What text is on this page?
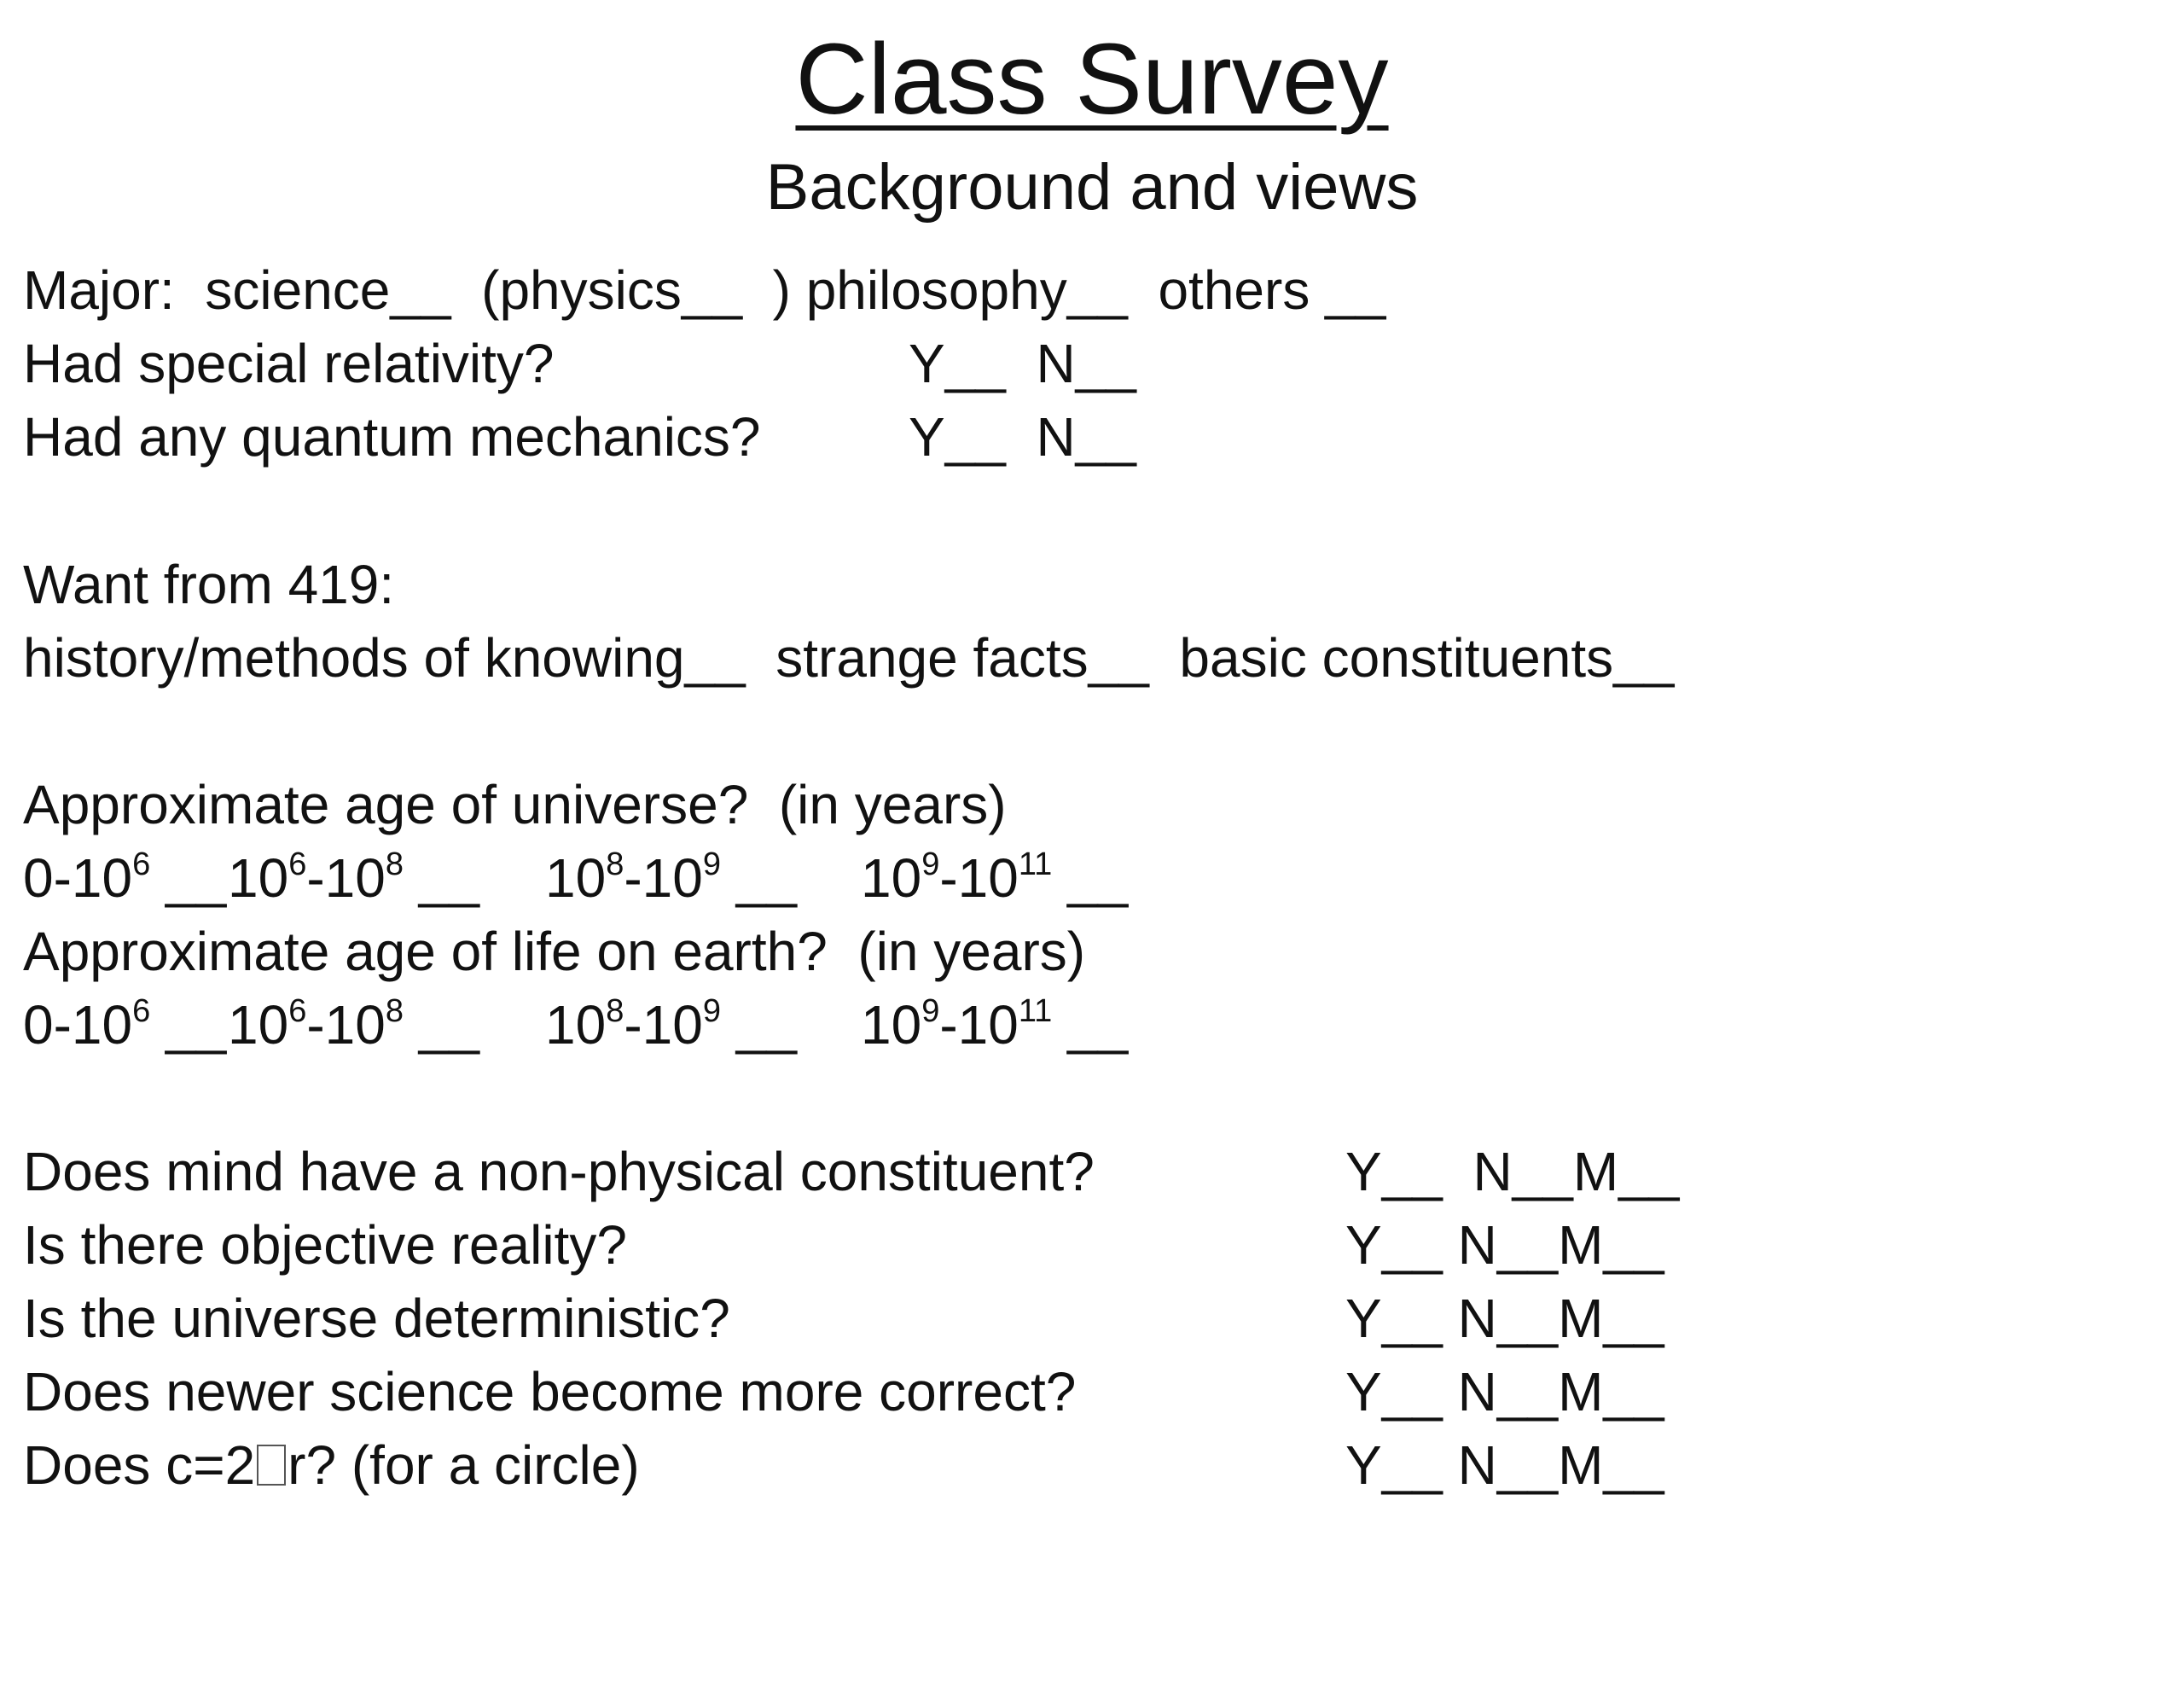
Class Survey
Background and views
Major:  science__  (physics__  ) philosophy__  others __

Had special relativity?

	Y__  N__

Had any quantum mechanics?

	Y__  N__

Want from 419:
history/methods of knowing__  strange facts__  basic constituents__
Approximate age of universe?  (in years)

$0-10^6$ __

$10^6-10^8$ __

$10^8-10^9$ __

$10^9-10^{11}$ __

Approximate age of life on earth?  (in years)

$0-10^6$ __

$10^6-10^8$ __

$10^8-10^9$ __

$10^9-10^{11}$ __

Does mind have a non-physical constituent?

	Y__  N__M__

Is there objective reality?

	Y__ N__M__

Is the universe deterministic?

	Y__ N__M__

Does newer science become more correct?

	Y__ N__M__

Does c=2 r? (for a circle)

	Y__ N__M__
